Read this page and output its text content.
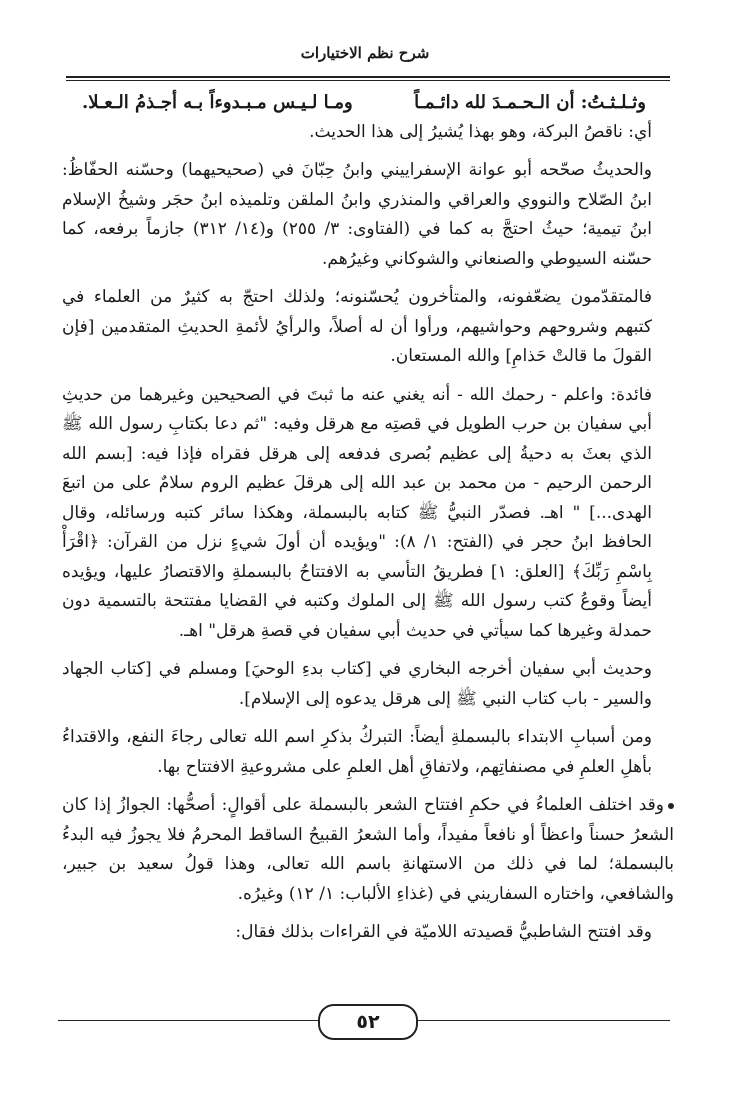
شرح نظم الاختيارات
وثـلـثـتُ: أن الـحـمـدَ لله دائـمـاً
ومـا لـيـس مـبـدوءاً بـه أجـذمُ الـعـلا.

أي: ناقصُ البركة، وهو بهذا يُشيرُ إلى هذا الحديث.

والحديثُ صحّحه أبو عوانة الإسفراييني وابنُ حِبّانَ في (صحيحيهما) وحسّنه الحفّاظُ: ابنُ الصّلاح والنووي والعراقي والمنذري وابنُ الملقن وتلميذه ابنُ حجَر وشيخُ الإسلام ابنُ تيمية؛ حيثُ احتجَّ به كما في (الفتاوى: ٣/ ٢٥٥) و(١٤/ ٣١٢) جازماً برفعه، كما حسّنه السيوطي والصنعاني والشوكاني وغيرُهم.

فالمتقدّمون يضعّفونه، والمتأخرون يُحسّنونه؛ ولذلك احتجّ به كثيرٌ من العلماء في كتبهم وشروحهم وحواشيهم، ورأوا أن له أصلاً، والرأيُ لأئمةِ الحديثِ المتقدمين [فإن القولَ ما قالتْ حَذامِ] والله المستعان.

فائدة: واعلم - رحمك الله - أنه يغني عنه ما ثبتَ في الصحيحين وغيرهما من حديثِ أبي سفيان بن حرب الطويل في قصتِه مع هرقل وفيه: "ثم دعا بكتابِ رسول الله ﷺ الذي بعثَ به دحيةُ إلى عظيم بُصرى فدفعه إلى هرقل فقراه فإذا فيه: [بسم الله الرحمن الرحيم - من محمد بن عبد الله إلى هرقلَ عظيم الروم سلامٌ على من اتبعَ الهدى...] " اهـ. فصدّر النبيُّ ﷺ كتابه بالبسملة، وهكذا سائر كتبه ورسائله، وقال الحافظ ابنُ حجر في (الفتح: ١/ ٨): "ويؤيده أن أولَ شيءٍ نزل من القرآن: ﴿اقْرَأْ بِاسْمِ رَبِّكَ﴾ [العلق: ١] فطريقُ التأسي به الافتتاحُ بالبسملةِ والاقتصارُ عليها، ويؤيده أيضاً وقوعُ كتب رسول الله ﷺ إلى الملوك وكتبه في القضايا مفتتحة بالتسمية دون حمدلة وغيرها كما سيأتي في حديث أبي سفيان في قصةِ هرقل" اهـ.

وحديث أبي سفيان أخرجه البخاري في [كتاب بدءِ الوحيَ] ومسلم في [كتاب الجهاد والسير - باب كتاب النبي ﷺ إلى هرقل يدعوه إلى الإسلام].

ومن أسبابِ الابتداء بالبسملةِ أيضاً: التبركُ بذكرِ اسم الله تعالى رجاءَ النفع، والاقتداءُ بأهلِ العلمِ في مصنفاتِهم، ولاتفاقِ أهل العلمِ على مشروعيةِ الافتتاح بها.

وقد اختلف العلماءُ في حكمِ افتتاح الشعر بالبسملة على أقوالٍ: أصحُّها: الجوازُ إذا كان الشعرُ حسناً واعظاً أو نافعاً مفيداً، وأما الشعرُ القبيحُ الساقط المحرمُ فلا يجوزُ فيه البدءُ بالبسملة؛ لما في ذلك من الاستهانةِ باسم الله تعالى، وهذا قولُ سعيد بن جبير، والشافعي، واختاره السفاريني في (غذاءِ الألباب: ١/ ١٢) وغيرُه.

وقد افتتح الشاطبيُّ قصيدته اللاميّة في القراءات بذلك فقال:

٥٢
